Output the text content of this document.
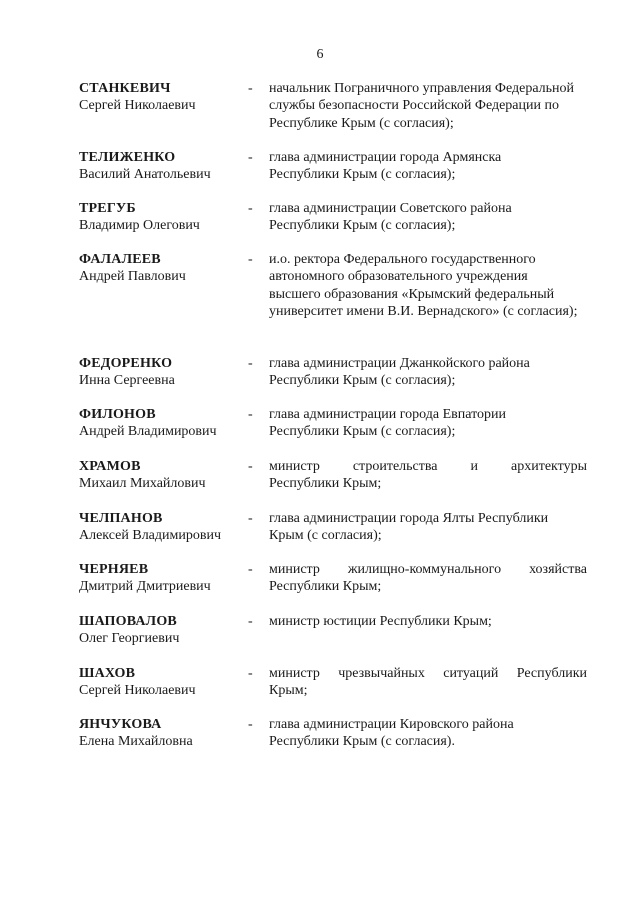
6
СТАНКЕВИЧ
Сергей Николаевич
- начальник Пограничного управления Федеральной службы безопасности Российской Федерации по Республике Крым (с согласия);
ТЕЛИЖЕНКО
Василий Анатольевич
- глава администрации города Армянска Республики Крым (с согласия);
ТРЕГУБ
Владимир Олегович
- глава администрации Советского района Республики Крым (с согласия);
ФАЛАЛЕЕВ
Андрей Павлович
- и.о. ректора Федерального государственного автономного образовательного учреждения высшего образования «Крымский федеральный университет имени В.И. Вернадского» (с согласия);
ФЕДОРЕНКО
Инна Сергеевна
- глава администрации Джанкойского района Республики Крым (с согласия);
ФИЛОНОВ
Андрей Владимирович
- глава администрации города Евпатории Республики Крым (с согласия);
ХРАМОВ
Михаил Михайлович
- министр строительства и архитектуры
Республики Крым;
ЧЕЛПАНОВ
Алексей Владимирович
- глава администрации города Ялты Республики Крым (с согласия);
ЧЕРНЯЕВ
Дмитрий Дмитриевич
- министр жилищно-коммунального хозяйства
Республики Крым;
ШАПОВАЛОВ
Олег Георгиевич
- министр юстиции Республики Крым;
ШАХОВ
Сергей Николаевич
- министр чрезвычайных ситуаций Республики
Крым;
ЯНЧУКОВА
Елена Михайловна
- глава администрации Кировского района Республики Крым (с согласия).
